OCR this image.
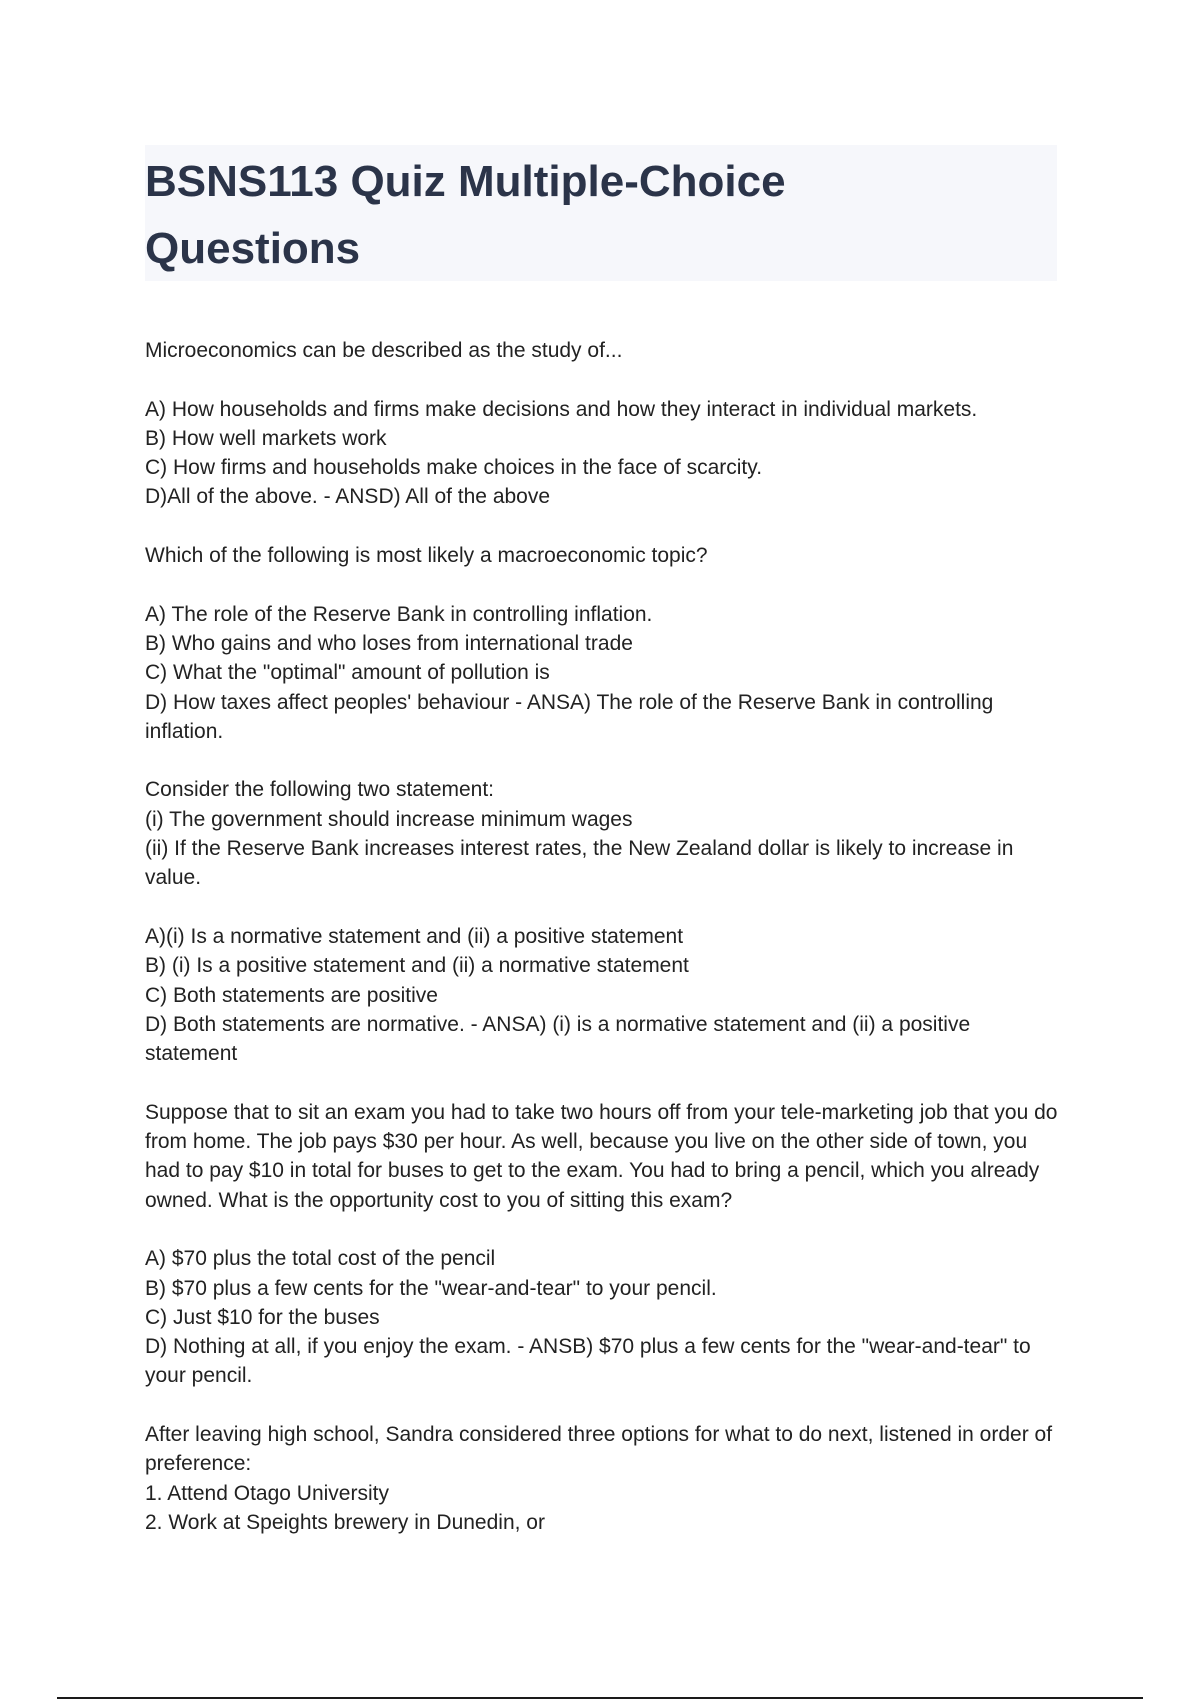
BSNS113 Quiz Multiple-Choice Questions
Microeconomics can be described as the study of...
A) How households and firms make decisions and how they interact in individual markets.
B) How well markets work
C) How firms and households make choices in the face of scarcity.
D)All of the above. - ANSD) All of the above
Which of the following is most likely a macroeconomic topic?
A) The role of the Reserve Bank in controlling inflation.
B) Who gains and who loses from international trade
C) What the "optimal" amount of pollution is
D) How taxes affect peoples' behaviour - ANSA) The role of the Reserve Bank in controlling inflation.
Consider the following two statement:
(i) The government should increase minimum wages
(ii) If the Reserve Bank increases interest rates, the New Zealand dollar is likely to increase in value.
A)(i) Is a normative statement and (ii) a positive statement
B) (i) Is a positive statement and (ii) a normative statement
C) Both statements are positive
D) Both statements are normative. - ANSA) (i) is a normative statement and (ii) a positive statement
Suppose that to sit an exam you had to take two hours off from your tele-marketing job that you do from home. The job pays $30 per hour. As well, because you live on the other side of town, you had to pay $10 in total for buses to get to the exam. You had to bring a pencil, which you already owned. What is the opportunity cost to you of sitting this exam?
A) $70 plus the total cost of the pencil
B) $70 plus a few cents for the "wear-and-tear" to your pencil.
C) Just $10 for the buses
D) Nothing at all, if you enjoy the exam. - ANSB) $70 plus a few cents for the "wear-and-tear" to your pencil.
After leaving high school, Sandra considered three options for what to do next, listened in order of preference:
1. Attend Otago University
2. Work at Speights brewery in Dunedin, or
